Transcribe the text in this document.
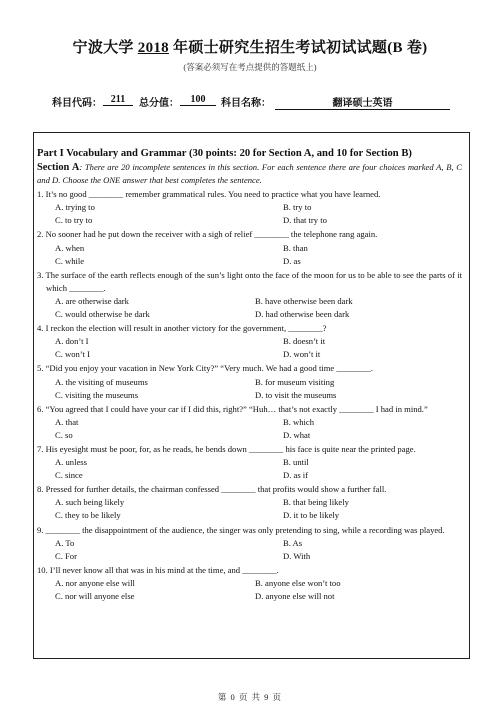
宁波大学 2018 年硕士研究生招生考试初试试题(B 卷)
(答案必须写在考点提供的答题纸上)
科目代码： 211	总分值：	100	科目名称：	翻译硕士英语
Part I Vocabulary and Grammar (30 points: 20 for Section A, and 10 for Section B)
Section A: There are 20 incomplete sentences in this section. For each sentence there are four choices marked A, B, C and D. Choose the ONE answer that best completes the sentence.
1. It’s no good ________ remember grammatical rules. You need to practice what you have learned.
A. trying to	B. try to
C. to try to	D. that try to
2. No sooner had he put down the receiver with a sigh of relief ________ the telephone rang again.
A. when	B. than
C. while	D. as
3. The surface of the earth reflects enough of the sun’s light onto the face of the moon for us to be able to see the parts of it which ________.
A. are otherwise dark	B. have otherwise been dark
C. would otherwise be dark	D. had otherwise been dark
4. I reckon the election will result in another victory for the government, ________?
A. don’t I	B. doesn’t it
C. won’t I	D. won’t it
5. “Did you enjoy your vacation in New York City?” “Very much. We had a good time ________.
A. the visiting of museums	B. for museum visiting
C. visiting the museums	D. to visit the museums
6. “You agreed that I could have your car if I did this, right?” “Huh… that’s not exactly ________ I had in mind.”
A. that	B. which
C. so	D. what
7. His eyesight must be poor, for, as he reads, he bends down ________ his face is quite near the printed page.
A. unless	B. until
C. since	D. as if
8. Pressed for further details, the chairman confessed ________ that profits would show a further fall.
A. such being likely	B. that being likely
C. they to be likely	D. it to be likely
9. ________ the disappointment of the audience, the singer was only pretending to sing, while a recording was played.
A. To	B. As
C. For	D. With
10. I’ll never know all that was in his mind at the time, and ________.
A. nor anyone else will	B. anyone else won’t too
C. nor will anyone else	D. anyone else will not
第 0 页 共 9 页
